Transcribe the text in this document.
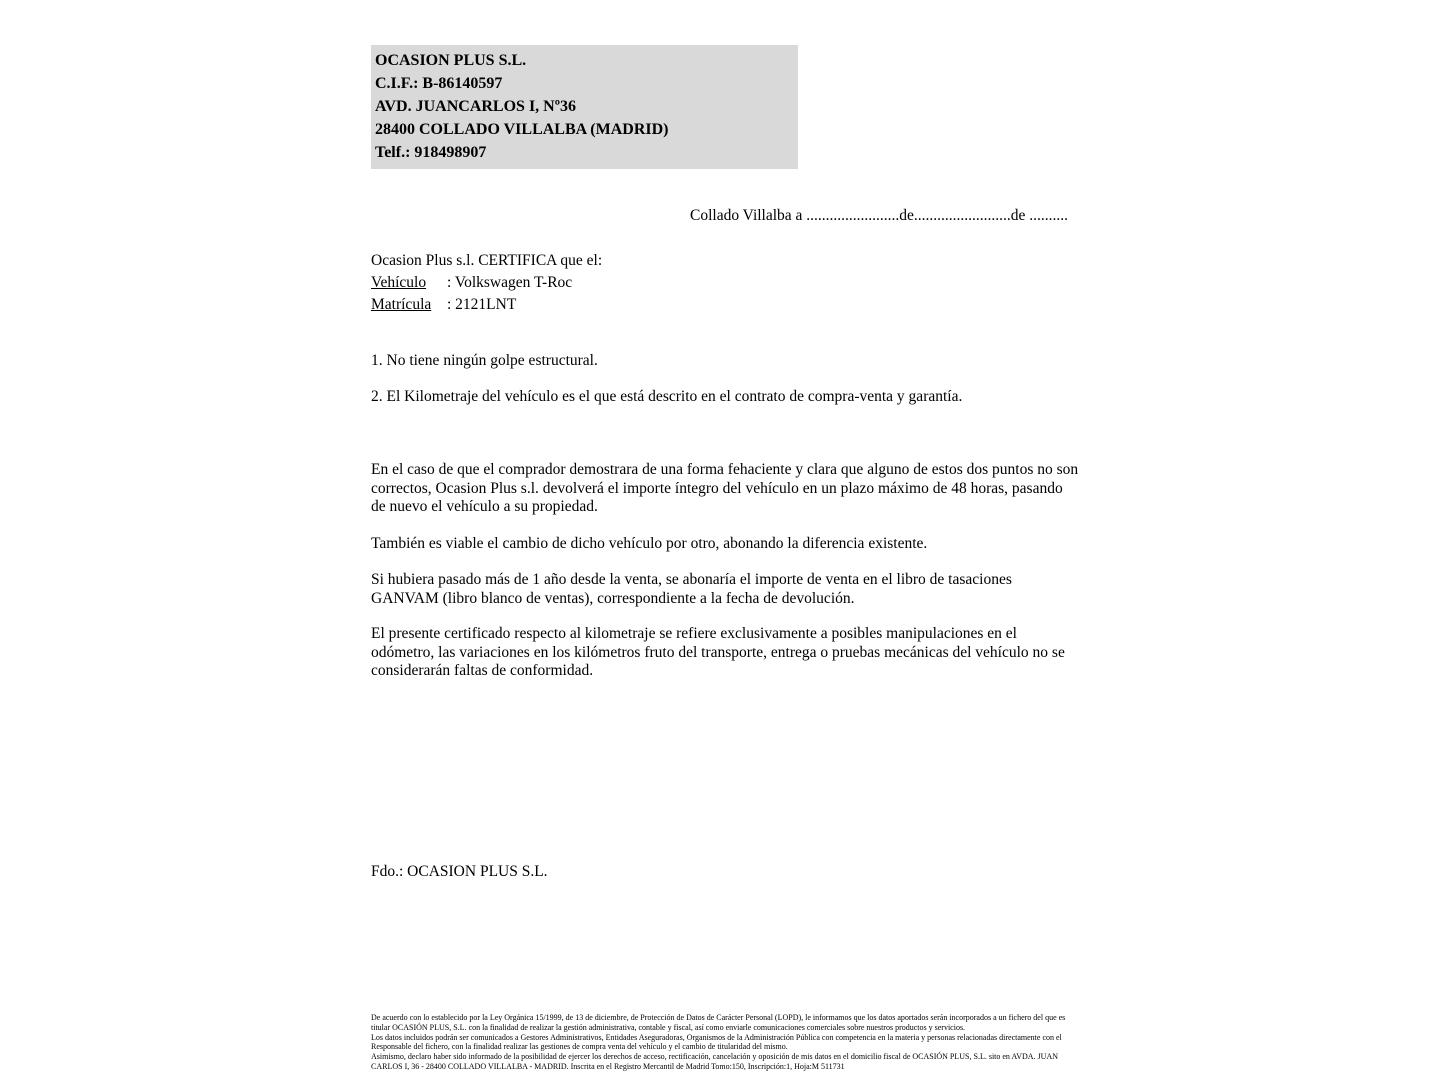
OCASION PLUS S.L.
C.I.F.: B-86140597
AVD. JUANCARLOS I, Nº36
28400 COLLADO VILLALBA (MADRID)
Telf.: 918498907
Collado Villalba a ........................de.........................de ..........
Ocasion Plus s.l. CERTIFICA que el:
Vehículo : Volkswagen T-Roc
Matrícula : 2121LNT
1. No tiene ningún golpe estructural.
2. El Kilometraje del vehículo es el que está descrito en el contrato de compra-venta y garantía.
En el caso de que el comprador demostrara de una forma fehaciente y clara que alguno de estos dos puntos no son correctos, Ocasion Plus s.l. devolverá el importe íntegro del vehículo en un plazo máximo de 48 horas, pasando de nuevo el vehículo a su propiedad.
También es viable el cambio de dicho vehículo por otro, abonando la diferencia existente.
Si hubiera pasado más de 1 año desde la venta, se abonaría el importe de venta en el libro de tasaciones GANVAM (libro blanco de ventas), correspondiente a la fecha de devolución.
El presente certificado respecto al kilometraje se refiere exclusivamente a posibles manipulaciones en el odómetro, las variaciones en los kilómetros fruto del transporte, entrega o pruebas mecánicas del vehículo no se considerarán faltas de conformidad.
Fdo.: OCASION PLUS S.L.

De acuerdo con lo establecido por la Ley Orgánica 15/1999, de 13 de diciembre, de Protección de Datos de Carácter Personal (LOPD), le informamos que los datos aportados serán incorporados a un fichero del que es titular OCASIÓN PLUS, S.L. con la finalidad de realizar la gestión administrativa, contable y fiscal, así como enviarle comunicaciones comerciales sobre nuestros productos y servicios.

Los datos incluidos podrán ser comunicados a Gestores Administrativos, Entidades Aseguradoras, Organismos de la Administración Pública con competencia en la materia y personas relacionadas directamente con el Responsable del fichero, con la finalidad realizar las gestiones de compra venta del vehículo y el cambio de titularidad del mismo.

Asimismo, declaro haber sido informado de la posibilidad de ejercer los derechos de acceso, rectificación, cancelación y oposición de mis datos en el domicilio fiscal de OCASIÓN PLUS, S.L. sito en AVDA. JUAN CARLOS I, 36 - 28400 COLLADO VILLALBA - MADRID. Inscrita en el Registro Mercantil de Madrid Tomo:150, Inscripción:1, Hoja:M 511731
